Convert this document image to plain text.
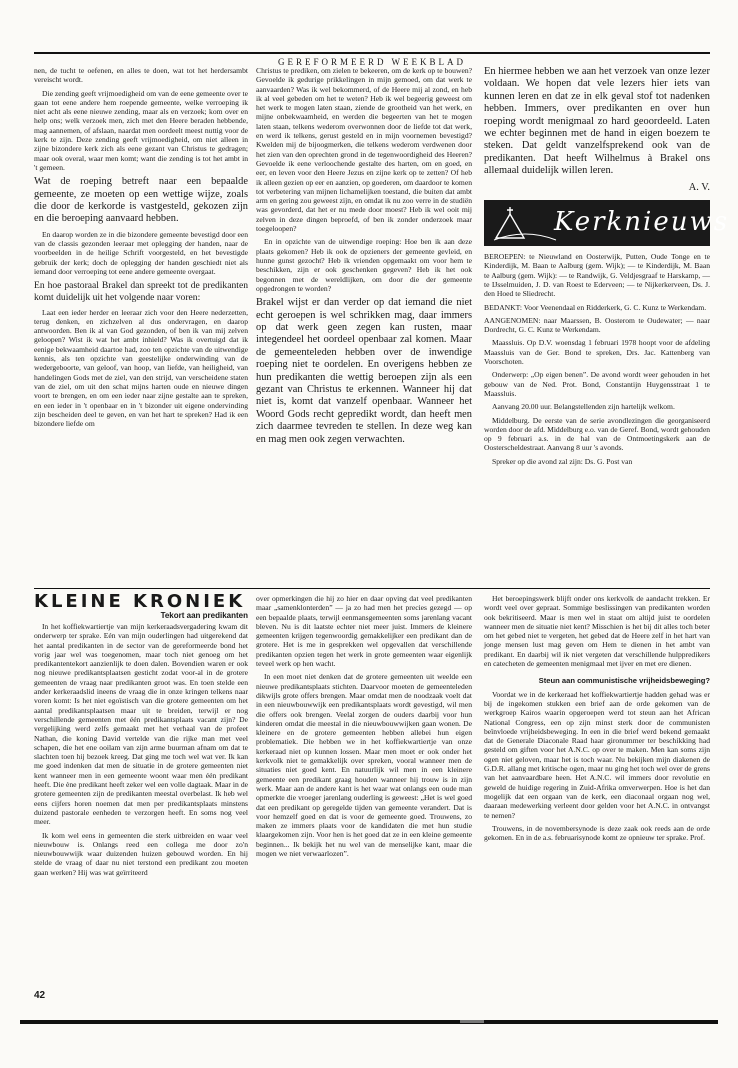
GEREFORMEERD WEEKBLAD

nen, de tucht te oefenen, en alles te doen, wat tot het herdersambt vereischt wordt.

Die zending geeft vrijmoedigheid om van de eene gemeente over te gaan tot eene andere hem roepende gemeente, welke verroeping ik niet acht als eene nieuwe zending, maar als en verzoek; kom over en help ons; welk verzoek men, zich met den Heere beraden hebbende, mag aannemen, of afslaan, naardat men oordeelt meest nuttig voor de kerk te zijn. Deze zending geeft vrijmoedigheid, om niet alleen in zijne bizondere kerk zich als eene gezant van Christus te gedragen; maar ook overal, waar men komt; want die zending is tot het ambt in 't gemeen.

Wat de roeping betreft naar een bepaalde gemeente, ze moeten op een wettige wijze, zoals die door de kerkorde is vastgesteld, gekozen zijn en die beroeping aanvaard hebben.

En daarop worden ze in die bizondere gemeente bevestigd door een van de classis gezonden leeraar met oplegging der handen, naar de voorbeelden in de heilige Schrift voorgesteld, en het bevestigde gebruik der kerk; doch de oplegging der handen geschiedt niet als iemand door verroeping tot eene andere gemeente overgaat.

En hoe pastoraal Brakel dan spreekt tot de predikanten komt duidelijk uit het volgende naar voren:

Laat een ieder herder en leeraar zich voor den Heere nederzetten, terug denken, en zichzelven al dus ondervragen, en daarop antwoorden. Ben ik al van God gezonden, of ben ik van mij zelven geloopen? Wist ik wat het ambt inhield? Was ik overtuigd dat ik eenige bekwaamheid daartoe had, zoo ten opzichte van de uitwendige kennis, als ten opzichte van geestelijke onderwinding van de wedergeboorte, van geloof, van hoop, van liefde, van heiligheid, van handelingen Gods met de ziel, van den strijd, van verscheidene staten van de ziel, om uit den schat mijns harten oude en nieuwe dingen voort te brengen, en om een ieder naar zijne gestalte aan te spreken, en een ieder in 't openbaar en in 't bizonder uit eigene ondervinding zijn bescheiden deel te geven, en van het hart te spreken? Had ik een bizondere liefde om

Christus te prediken, om zielen te bekeeren, om de kerk op te bouwen? Gevoelde ik gedurige prikkelingen in mijn gemoed, om dat werk te aanvaarden? Was ik wel bekommerd, of de Heere mij al zond, en heb ik al veel gebeden om het te weten? Heb ik wel begeerig geweest om het werk te mogen laten staan, ziende de grootheid van het werk, en mijne onbekwaamheid, en werden die begeerten van het te mogen laten staan, telkens wederom overwonnen door de liefde tot dat werk, en werd ik telkens, gerust gesteld en in mijn voornemen bevestigd? Kwelden mij de bijoogmerken, die telkens wederom verdwenen door het zien van den oprechten grond in de tegenwoordigheid des Heeren? Gevoelde ik eene verloochende gestalte des harten, om en goed, en eer, en leven voor den Heere Jezus en zijne kerk op te zetten? Of heb ik alleen gezien op eer en aanzien, op goederen, om daardoor te komen tot verbetering van mijnen lichamelijken toestand, die buiten dat ambt arm en gering zou geweest zijn, en omdat ik nu zoo verre in de studiën was gevorderd, dat het er nu mede door moest? Heb ik wel ooit mij zelven in deze dingen beproefd, of ben ik zonder onderzoek maar toegeloopen?

En in opzichte van de uitwendige roeping: Hoe ben ik aan deze plaats gekomen? Heb ik ook de opzieners der gemeente gevleid, en hunne gunst gezocht? Heb ik vrienden opgemaakt om voor hem te beschikken, zijn er ook geschenken gegeven? Heb ik het ook begonnen met de wereldlijken, om door die der gemeente opgedrongen te worden?

Brakel wijst er dan verder op dat iemand die niet echt geroepen is wel schrikken mag, daar immers op dat werk geen zegen kan rusten, maar integendeel het oordeel openbaar zal komen. Maar de gemeenteleden hebben over de inwendige roeping niet te oordelen. En overigens hebben ze hun predikanten die wettig beroepen zijn als een gezant van Christus te erkennen. Wanneer hij dat niet is, komt dat vanzelf openbaar. Wanneer het Woord Gods recht gepredikt wordt, dan heeft men zich daarmee tevreden te stellen. In deze weg kan en mag men ook zegen verwachten.

En hiermee hebben we aan het verzoek van onze lezer voldaan. We hopen dat vele lezers hier iets van kunnen leren en dat ze in elk geval stof tot nadenken hebben. Immers, over predikanten en over hun roeping wordt menigmaal zo hard geoordeeld. Laten we echter beginnen met de hand in eigen boezem te steken. Dat geldt vanzelfsprekend ook van de predikanten. Dat heeft Wilhelmus à Brakel ons allemaal duidelijk willen leren.

A. V.

Kerknieuws

BEROEPEN: te Nieuwland en Oosterwijk, Putten, Oude Tonge en te Kinderdijk, M. Baan te Aalburg (gem. Wijk); — te Kinderdijk, M. Baan te Aalburg (gem. Wijk): — te Randwijk, G. Veldjesgraaf te Harskamp, — te IJsselmuiden, J. D. van Roest te Ederveen; — te Nijkerkerveen, Ds. J. den Hoed te Sliedrecht.

BEDANKT: Voor Veenendaal en Ridderkerk, G. C. Kunz te Werkendam.

AANGENOMEN: naar Maarssen, B. Oosterom te Oudewater; — naar Dordrecht, G. C. Kunz te Werkendam.

Maassluis. Op D.V. woensdag 1 februari 1978 hoopt voor de afdeling Maassluis van de Ger. Bond te spreken, Drs. Jac. Kattenberg van Voorschoten.

Onderwerp: „Op eigen benen”. De avond wordt weer gehouden in het gebouw van de Ned. Prot. Bond, Constantijn Huygensstraat 1 te Maassluis.

Aanvang 20.00 uur. Belangstellenden zijn hartelijk welkom.

Middelburg. De eerste van de serie avondlezingen die georganiseerd worden door de afd. Middelburg e.o. van de Geref. Bond, wordt gehouden op 9 februari a.s. in de hal van de Ontmoetingskerk aan de Oosterscheldestraat. Aanvang 8 uur 's avonds.

Spreker op die avond zal zijn: Ds. G. Post van

KLEINE KRONIEK
Tekort aan predikanten

In het koffiekwartiertje van mijn kerkeraadsvergadering kwam dit onderwerp ter sprake. Eén van mijn ouderlingen had uitgerekend dat het aantal predikanten in de sector van de gereformeerde bond het vorig jaar wel was toegenomen, maar toch niet genoeg om het predikantentekort aanzienlijk te doen dalen. Bovendien waren er ook nog nieuwe predikantsplaatsen gesticht zodat voor-al in de grotere gemeenten de vraag naar predikanten groot was. En toen stelde een ander kerkeraadslid ineens de vraag die in onze kringen telkens naar voren komt: Is het niet egoïstisch van die grotere gemeenten om het aantal predikantsplaatsen maar uit te breiden, terwijl er nog verschillende gemeenten met één predikantsplaats vacant zijn? De vergelijking werd zelfs gemaakt met het verhaal van de profeet Nathan, die koning David vertelde van die rijke man met veel schapen, die het ene ooilam van zijn arme buurman afnam om dat te slachten toen hij bezoek kreeg. Dat ging me toch wel wat ver. Ik kan me goed indenken dat men de situatie in de grotere gemeenten niet kent wanneer men in een gemeente woont waar men één predikant heeft. Die ène predikant heeft zeker wel een volle dagtaak. Maar in de grotere gemeenten zijn de predikanten meestal overbelast. Ik heb wel eens cijfers horen noemen dat men per predikantsplaats minstens duizend pastorale eenheden te verzorgen heeft. En soms nog veel meer.

Ik kom wel eens in gemeenten die sterk uitbreiden en waar veel nieuwbouw is. Onlangs reed een collega me door zo'n nieuwbouwwijk waar duizenden huizen gebouwd worden. En hij stelde de vraag of daar nu niet terstond een predikant zou moeten gaan werken? Hij was wat geïrriteerd

over opmerkingen die hij zo hier en daar opving dat veel predikanten maar „samenklonterden” — ja zo had men het precies gezegd — op een bepaalde plaats, terwijl eenmansgemeenten soms jarenlang vacant bleven. Nu is dit laatste echter niet meer juist. Immers de kleinere gemeenten krijgen tegenwoordig gemakkelijker een predikant dan de grotere. Het is me in gesprekken wel opgevallen dat verschillende predikanten opzien tegen het werk in grote gemeenten waar eigenlijk teveel werk op hen wacht.

In een moet niet denken dat de grotere gemeenten uit weelde een nieuwe predikantsplaats stichten. Daarvoor moeten de gemeenteleden dikwijls grote offers brengen. Maar omdat men de noodzaak voelt dat in een nieuwbouwwijk een predikantsplaats wordt gevestigd, wil men die offers ook brengen. Veelal zorgen de ouders daarbij voor hun kinderen omdat die meestal in die nieuwbouwwijken gaan wonen. De kleinere en de grotere gemeenten hebben allebei hun eigen problematiek. Die hebben we in het koffiekwartiertje van onze kerkeraad niet op kunnen lossen. Maar men moet er ook onder het kerkvolk niet te gemakkelijk over spreken, vooral wanneer men de situaties niet goed kent. En natuurlijk wil men in een kleinere gemeente een predikant graag houden wanneer hij trouw is in zijn werk. Maar aan de andere kant is het waar wat onlangs een oude man opmerkte die vroeger jarenlang ouderling is geweest: „Het is wel goed dat een predikant op geregelde tijden van gemeente verandert. Dat is voor hemzelf goed en dat is voor de gemeente goed. Trouwens, zo maken ze immers plaats voor de kandidaten die met hun studie klaargekomen zijn. Voor hen is het goed dat ze in een kleine gemeente beginnen... Ik bekijk het nu wel van de menselijke kant, maar die mogen we niet verwaarlozen”.

Het beroepingswerk blijft onder ons kerkvolk de aandacht trekken. Er wordt veel over gepraat. Sommige beslissingen van predikanten worden ook bekritiseerd. Maar is men wel in staat om altijd juist te oordelen wanneer men de situatie niet kent? Misschien is het bij dit alles toch beter om het gebed niet te vergeten, het gebed dat de Heere zelf in het hart van jonge mensen lust mag geven om Hem te dienen in het ambt van predikant. En daarbij wil ik niet vergeten dat verschillende hulppredikers en catecheten de gemeenten menigmaal met ijver en met ere dienen.

Steun aan communistische vrijheidsbeweging?

Voordat we in de kerkeraad het koffiekwartiertje hadden gehad was er bij de ingekomen stukken een brief aan de orde gekomen van de werkgroep Kairos waarin opgeroepen werd tot steun aan het African National Congress, een op zijn minst sterk door de communisten beïnvloede vrijheidsbeweging. In een in die brief werd bekend gemaakt dat de Generale Diaconale Raad haar gironummer ter beschikking had gesteld om giften voor het A.N.C. op over te maken. Men kan soms zijn ogen niet geloven, maar het is toch waar. Nu bekijken mijn diakenen de G.D.R. allang met kritische ogen, maar nu ging het toch wel over de grens van het aanvaardbare heen. Het A.N.C. wil immers door revolutie en geweld de huidige regering in Zuid-Afrika omverwerpen. Hoe is het dan mogelijk dat een orgaan van de kerk, een diaconaal orgaan nog wel, daaraan medewerking verleent door gelden voor het A.N.C. in ontvangst te nemen?

Trouwens, in de novembersynode is deze zaak ook reeds aan de orde gekomen. En in de a.s. februarisynode komt ze opnieuw ter sprake. Prof.

42
